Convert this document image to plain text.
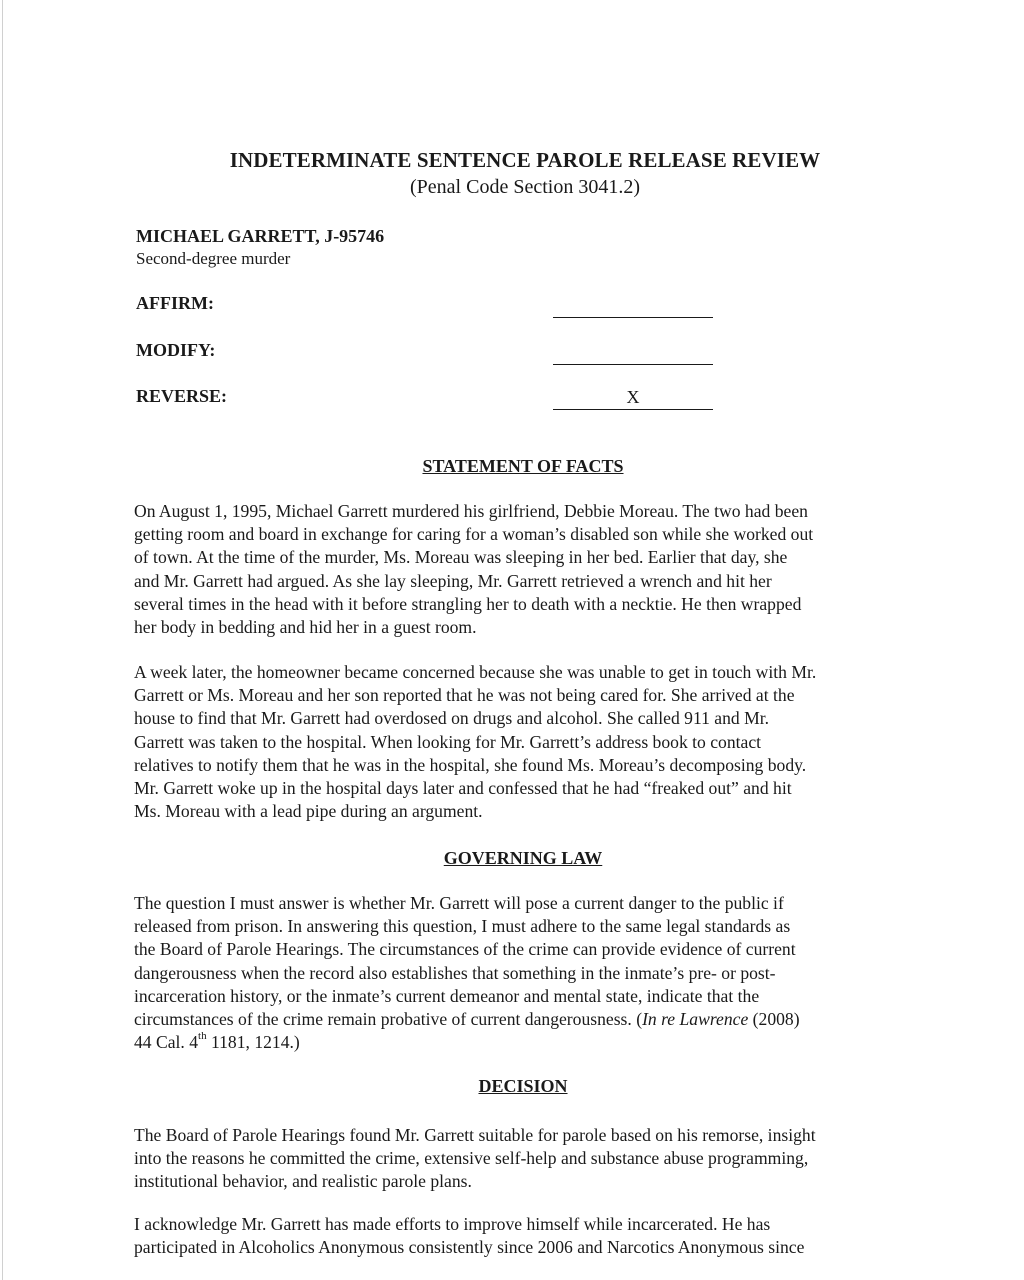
INDETERMINATE SENTENCE PAROLE RELEASE REVIEW
(Penal Code Section 3041.2)
MICHAEL GARRETT, J-95746
Second-degree murder
AFFIRM:
MODIFY:
REVERSE:	X
STATEMENT OF FACTS
On August 1, 1995, Michael Garrett murdered his girlfriend, Debbie Moreau. The two had been
getting room and board in exchange for caring for a woman’s disabled son while she worked out
of town. At the time of the murder, Ms. Moreau was sleeping in her bed. Earlier that day, she
and Mr. Garrett had argued. As she lay sleeping, Mr. Garrett retrieved a wrench and hit her
several times in the head with it before strangling her to death with a necktie. He then wrapped
her body in bedding and hid her in a guest room.
A week later, the homeowner became concerned because she was unable to get in touch with Mr.
Garrett or Ms. Moreau and her son reported that he was not being cared for. She arrived at the
house to find that Mr. Garrett had overdosed on drugs and alcohol. She called 911 and Mr.
Garrett was taken to the hospital. When looking for Mr. Garrett’s address book to contact
relatives to notify them that he was in the hospital, she found Ms. Moreau’s decomposing body.
Mr. Garrett woke up in the hospital days later and confessed that he had “freaked out” and hit
Ms. Moreau with a lead pipe during an argument.
GOVERNING LAW
The question I must answer is whether Mr. Garrett will pose a current danger to the public if
released from prison. In answering this question, I must adhere to the same legal standards as
the Board of Parole Hearings. The circumstances of the crime can provide evidence of current
dangerousness when the record also establishes that something in the inmate’s pre- or post-
incarceration history, or the inmate’s current demeanor and mental state, indicate that the
circumstances of the crime remain probative of current dangerousness. (In re Lawrence (2008)
44 Cal. 4th 1181, 1214.)
DECISION
The Board of Parole Hearings found Mr. Garrett suitable for parole based on his remorse, insight
into the reasons he committed the crime, extensive self-help and substance abuse programming,
institutional behavior, and realistic parole plans.
I acknowledge Mr. Garrett has made efforts to improve himself while incarcerated. He has
participated in Alcoholics Anonymous consistently since 2006 and Narcotics Anonymous since
